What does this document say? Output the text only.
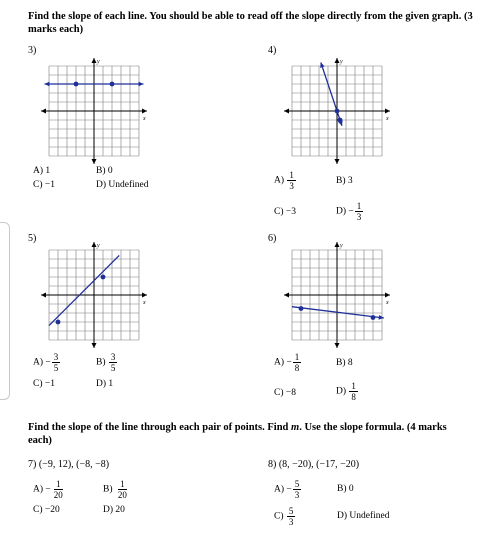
Find the slope of each line. You should be able to read off the slope directly from the given graph. (3 marks each)
3)
x
y
A) 1	B) 0
C) −1	D) Undefined
4)
x
y
$A) \frac{1}{3}$	B) 3
C) −3	$D) - \frac{1}{3}$
5)
x
y
$A) - \frac{3}{5}$	$B) \frac{3}{5}$
C) −1	D) 1
6)
x
y
$A) - \frac{1}{8}$	B) 8
C) −8	$D) \frac{1}{8}$
Find the slope of the line through each pair of points. Find m. Use the slope formula. (4 marks each)
7) (−9, 12), (−8, −8)
$A) - \frac{1}{20}$	$B) \frac{1}{20}$
C) −20	D) 20
8) (8, −20), (−17, −20)
$A) - \frac{5}{3}$	B) 0
$C) \frac{5}{3}$	D) Undefined
